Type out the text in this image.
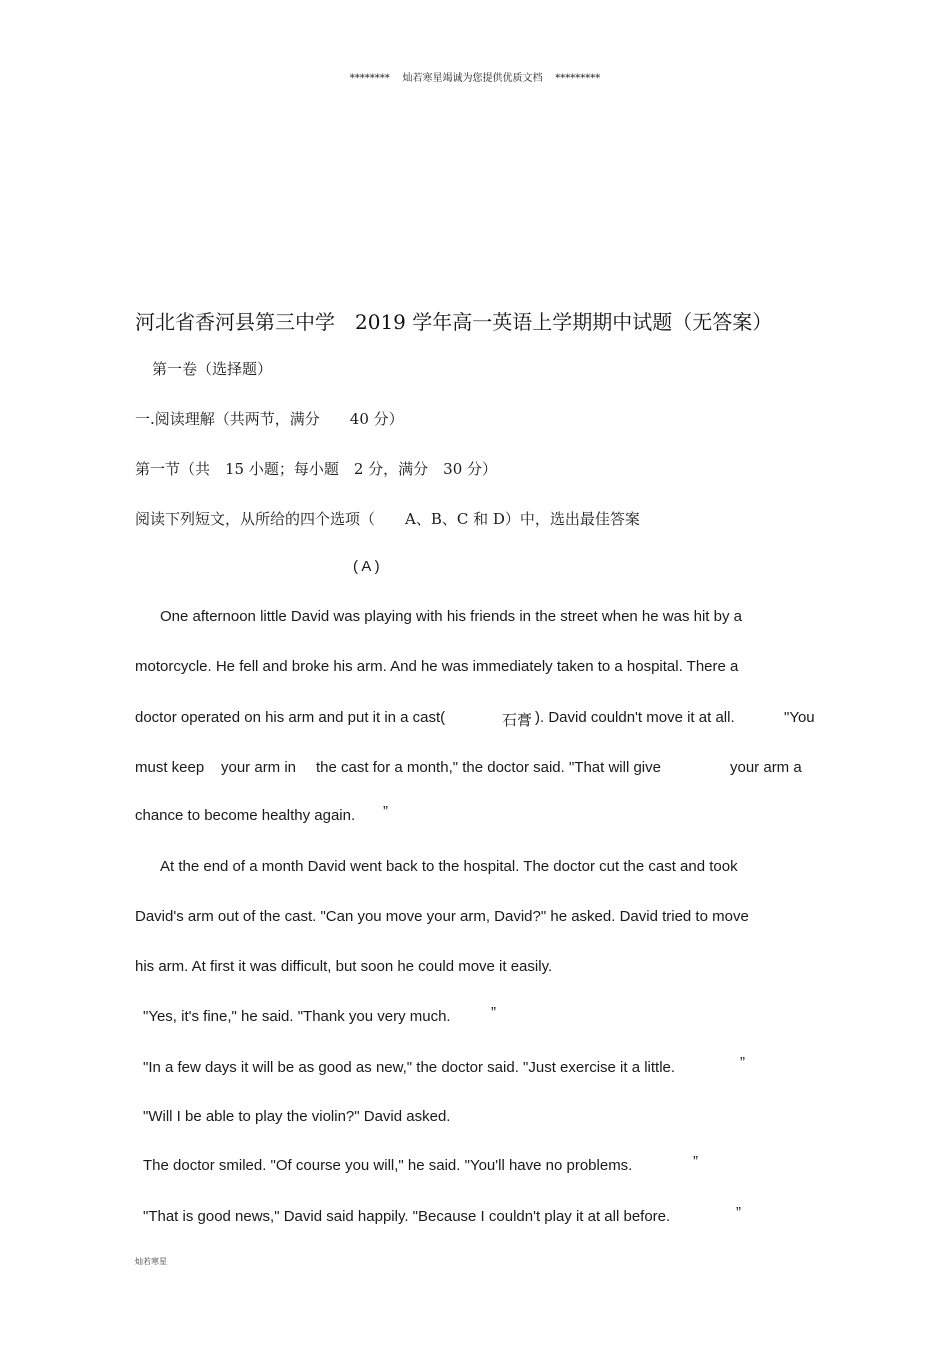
********    灿若寒星竭诚为您提供优质文档    *********
河北省香河县第三中学　2019 学年高一英语上学期期中试题（无答案）
第一卷（选择题）
一.阅读理解（共两节，满分　　40 分）
第一节（共　15 小题；每小题　2 分，满分　30 分）
阅读下列短文，从所给的四个选项（　　A、B、C 和 D）中，选出最佳答案
( A )
One afternoon little David was playing with his friends in the street when he was hit by a
motorcycle. He fell and broke his arm. And he was immediately taken to a hospital. There a
doctor operated on his arm and put it in a cast(	石膏 ). David couldn't move it at all.	"You
must keep your arm in the cast for a month," the doctor said. "That will give	your arm a
chance to become healthy again. ”
At the end of a month David went back to the hospital. The doctor cut the cast and took
David's arm out of the cast. "Can you move your arm, David?" he asked. David tried to move
his arm. At first it was difficult, but soon he could move it easily.
"Yes, it's fine," he said. "Thank you very much.	”
"In a few days it will be as good as new," the doctor said. "Just exercise it a little.	”
"Will I be able to play the violin?" David asked.
The doctor smiled. "Of course you will," he said. "You'll have no problems.	”
"That is good news," David said happily. "Because I couldn't play it at all before.	”
灿若寒星
